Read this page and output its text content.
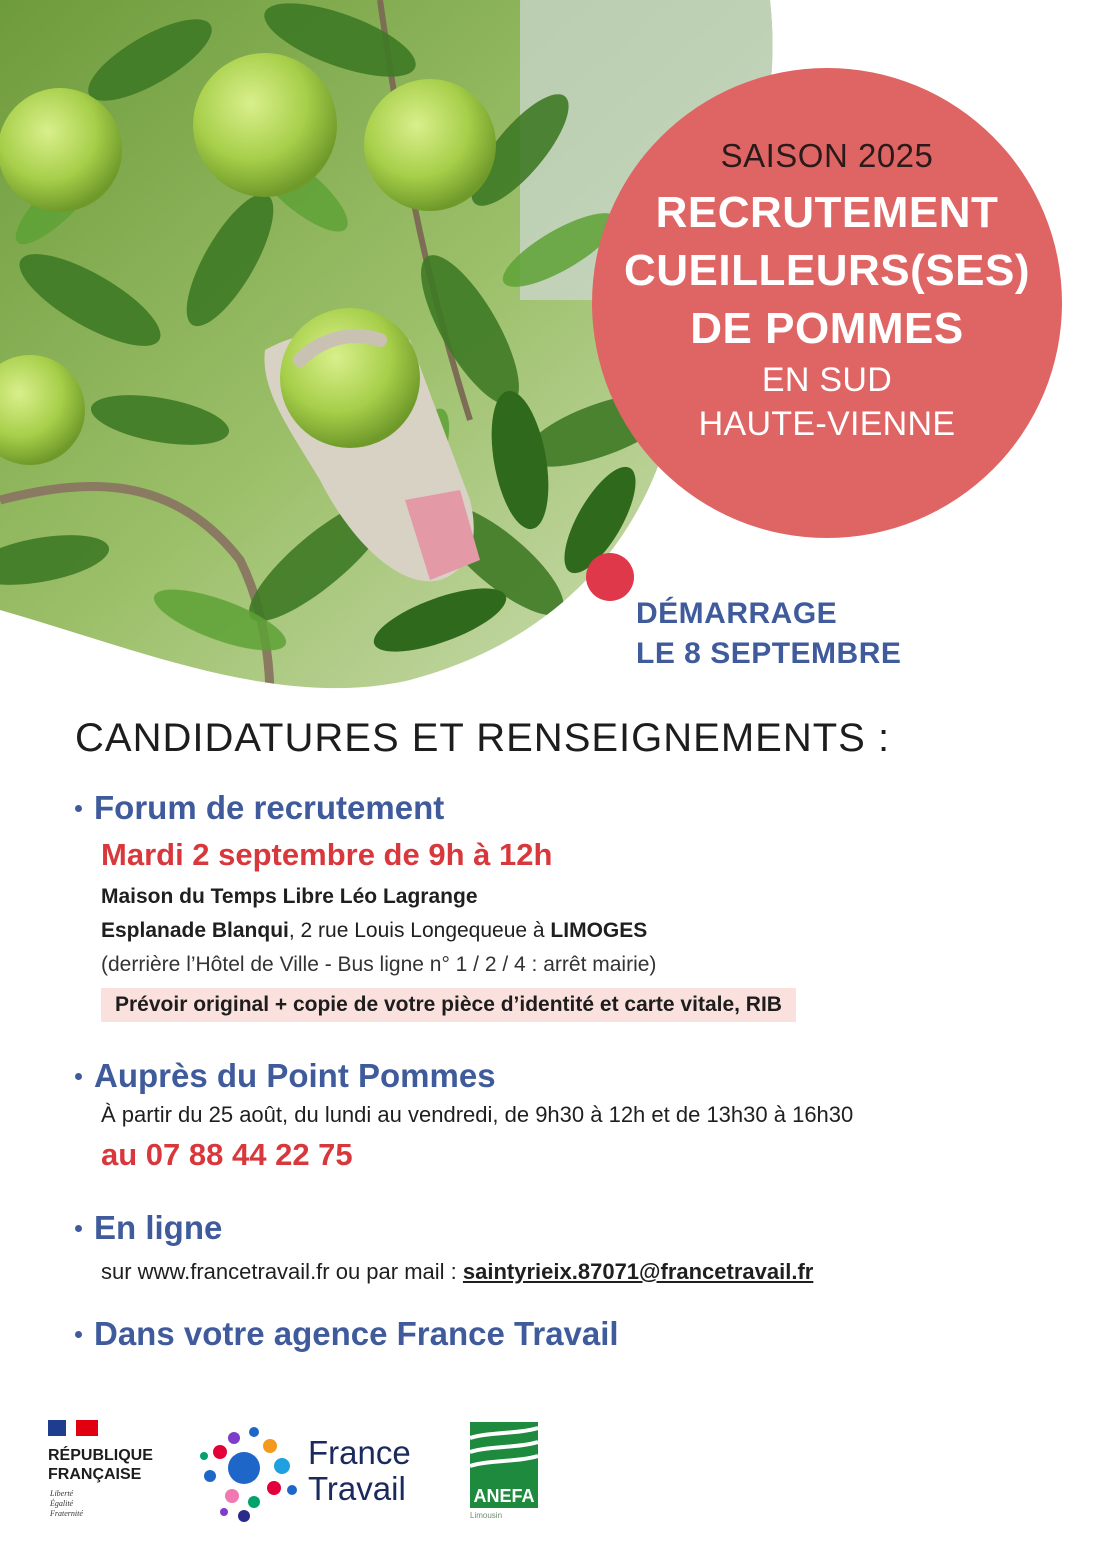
SAISON 2025
RECRUTEMENT
CUEILLEURS(SES)
DE POMMES
EN SUD
HAUTE-VIENNE
DÉMARRAGE
LE 8 SEPTEMBRE
CANDIDATURES ET RENSEIGNEMENTS :
Forum de recrutement
Mardi 2 septembre de 9h à 12h
Maison du Temps Libre Léo Lagrange
Esplanade Blanqui, 2 rue Louis Longequeue à LIMOGES
(derrière l’Hôtel de Ville - Bus ligne n° 1 / 2 / 4 : arrêt mairie)
Prévoir original + copie de votre pièce d’identité et carte vitale, RIB
Auprès du Point Pommes
À partir du 25 août, du lundi au vendredi, de 9h30 à 12h et de 13h30 à 16h30
au 07 88 44 22 75
En ligne
sur www.francetravail.fr ou par mail : saintyrieix.87071@francetravail.fr
Dans votre agence France Travail
RÉPUBLIQUE
FRANÇAISE
Liberté
Égalité
Fraternité
France
Travail	ANEFA
Limousin
